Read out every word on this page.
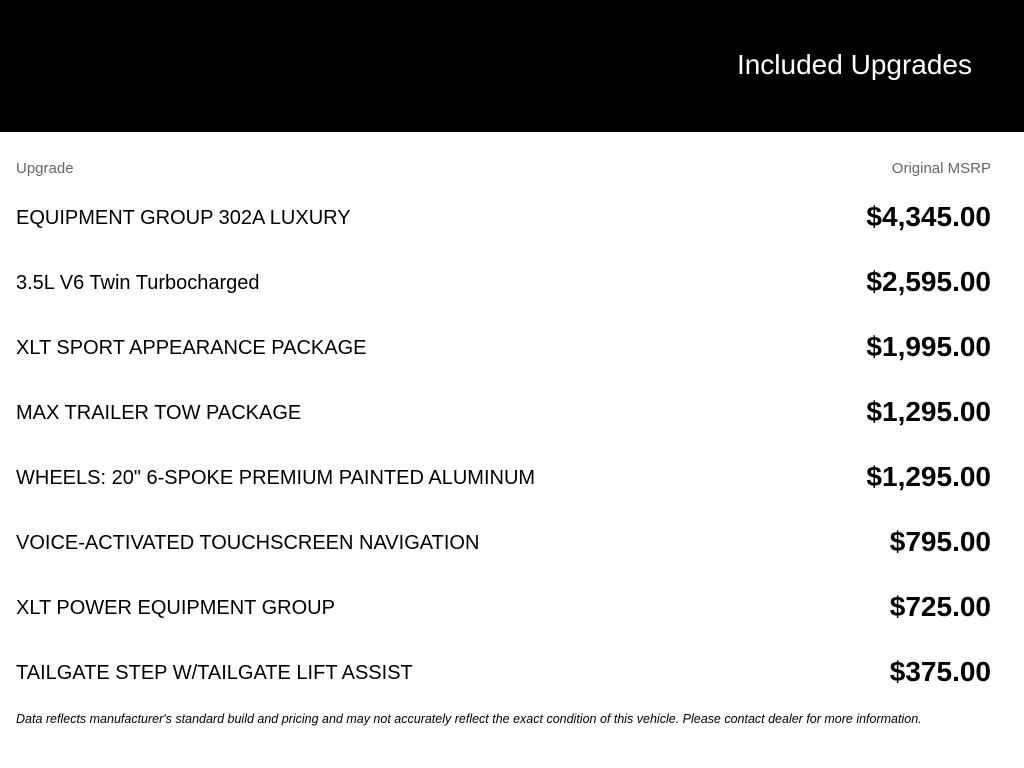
Included Upgrades
Upgrade	Original MSRP
EQUIPMENT GROUP 302A LUXURY	$4,345.00
3.5L V6 Twin Turbocharged	$2,595.00
XLT SPORT APPEARANCE PACKAGE	$1,995.00
MAX TRAILER TOW PACKAGE	$1,295.00
WHEELS: 20" 6-SPOKE PREMIUM PAINTED ALUMINUM	$1,295.00
VOICE-ACTIVATED TOUCHSCREEN NAVIGATION	$795.00
XLT POWER EQUIPMENT GROUP	$725.00
TAILGATE STEP W/TAILGATE LIFT ASSIST	$375.00
Data reflects manufacturer's standard build and pricing and may not accurately reflect the exact condition of this vehicle. Please contact dealer for more information.
